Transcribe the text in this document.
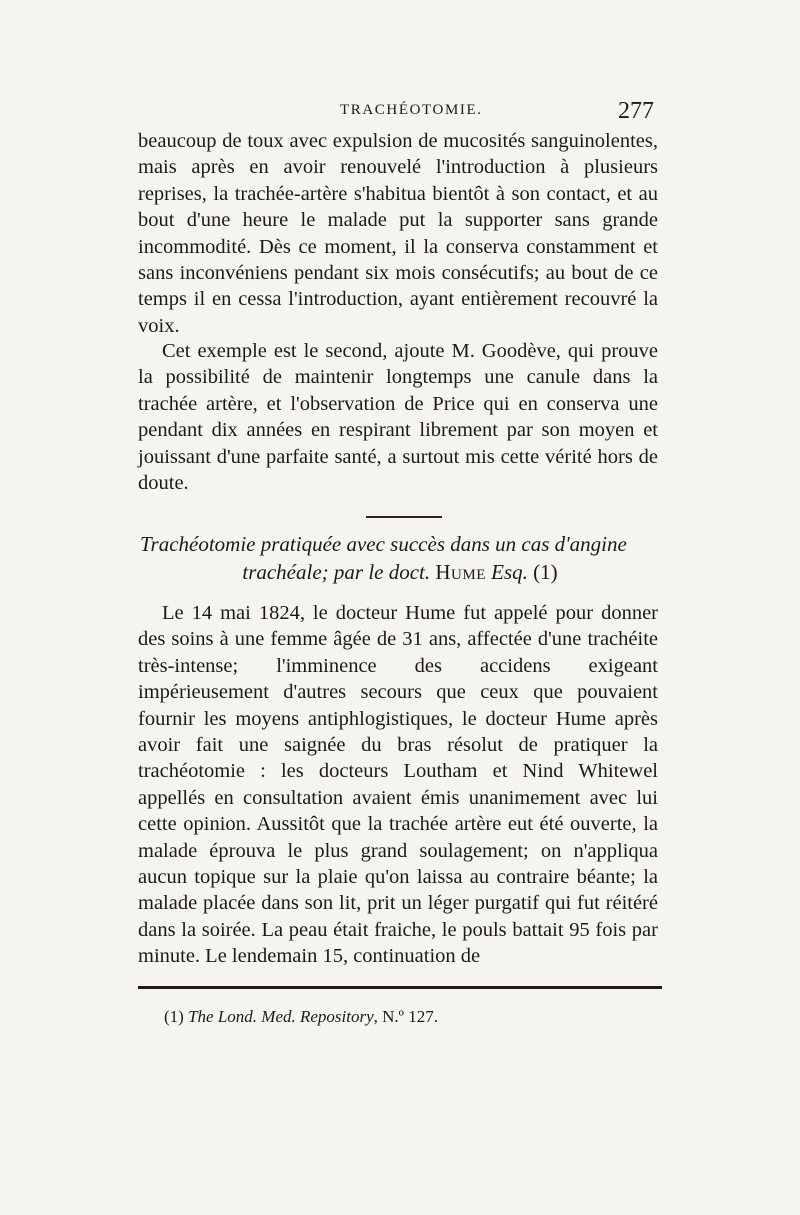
TRACHÉOTOMIE.	277

beaucoup de toux avec expulsion de mucosités sanguinolentes, mais après en avoir renouvelé l'introduction à plusieurs reprises, la trachée-artère s'habitua bientôt à son contact, et au bout d'une heure le malade put la supporter sans grande incommodité. Dès ce moment, il la conserva constamment et sans inconvéniens pendant six mois consécutifs; au bout de ce temps il en cessa l'introduction, ayant entièrement recouvré la voix.

Cet exemple est le second, ajoute M. Goodève, qui prouve la possibilité de maintenir longtemps une canule dans la trachée artère, et l'observation de Price qui en conserva une pendant dix années en respirant librement par son moyen et jouissant d'une parfaite santé, a surtout mis cette vérité hors de doute.

Trachéotomie pratiquée avec succès dans un cas d'angine
trachéale; par le doct. Hume Esq. (1)

Le 14 mai 1824, le docteur Hume fut appelé pour donner des soins à une femme âgée de 31 ans, affectée d'une trachéite très-intense; l'imminence des accidens exigeant impérieusement d'autres secours que ceux que pouvaient fournir les moyens antiphlogistiques, le docteur Hume après avoir fait une saignée du bras résolut de pratiquer la trachéotomie : les docteurs Loutham et Nind Whitewel appellés en consultation avaient émis unanimement avec lui cette opinion. Aussitôt que la trachée artère eut été ouverte, la malade éprouva le plus grand soulagement; on n'appliqua aucun topique sur la plaie qu'on laissa au contraire béante; la malade placée dans son lit, prit un léger purgatif qui fut réitéré dans la soirée. La peau était fraiche, le pouls battait 95 fois par minute. Le lendemain 15, continuation de

(1) The Lond. Med. Repository, N.º 127.
